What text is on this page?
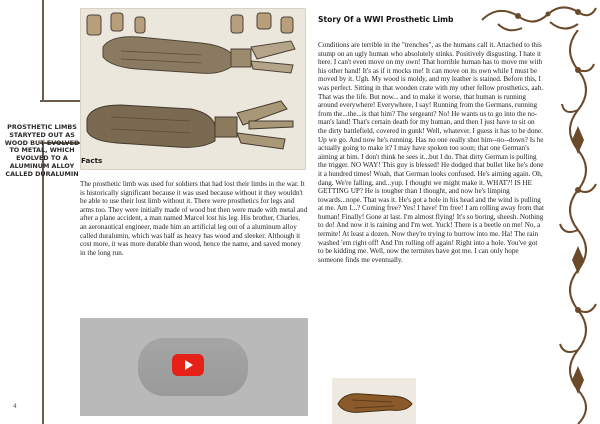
PROSTHETIC LIMBS STARYTED OUT AS WOOD BUT EVOLVED TO METAL, WHICH EVOLVED TO A ALUMINUM ALLOY CALLED DURALUMIN
Facts
The prosthetic limb was used for soldiers that had lost their limbs in the war. It is historically significant because it was used because without it they wouldn't be able to use their lost limb without it. There were prosthetics for legs and arms too. They were initially made of wood but then were made with metal and after a plane accident, a man named Marcel lost his leg. His brother, Charles, an aeronautical engineer, made him an artificial leg out of a aluminum alloy called duralumin, which was half as heavy has wood and sleeker. Although it cost more, it was more durable than wood, hence the name, and saved money in the long run.
4
Story Of a WWI Prosthetic Limb
Conditions are terrible in the "trenches", as the humans call it. Attached to this stump on an ugly human who absolutely stinks. Positively disgusting. I hate it here. I can't even move on my own! That horrible human has to move me with his other hand! It's as if it mocks me! It can move on its own while I must be moved by it. Ugh. My wood is moldy, and my leather is stained. Before this, I was perfect. Sitting in that wooden crate with my other fellow prosthetics, aah. That was the life. But now... and to make it worse, that human is running around everywhere! Everywhere, I say! Running from the Germans, running from the...the...is that him? The sergeant? No! He wants us to go into the no-man's land! That's certain death for my human, and then I just have to sit on the dirty battlefield, covered in gunk! Well, whatever. I guess it has to be done. Up we go. And now he's running. Has no one really shot him--no--down? Is he actually going to make it? I may have spoken too soon; that one German's aiming at him. I don't think he sees it...but I do. That dirty German is pulling the trigger. NO WAY! This guy is blessed! He dodged that bullet like he's done it a hundred times! Woah, that German looks confused. He's aiming again. Oh, dang. We're falling, and...yup. I thought we might make it. WHAT?! IS HE GETTING UP? He is tougher than I thought, and now he's limping towards...nope. That was it. He's got a hole in his head and the wind is pulling at me. Am I...? Coming free? Yes! I have! I'm free! I am rolling away from that human! Finally! Gone at last. I'm almost flying! It's so boring, sheesh. Nothing to do! And now it is raining and I'm wet. Yuck! There is a beetle on me! No, a termite! At least a dozen. Now they're trying to burrow into me. Ha! The rain washed 'em right off! And I'm rolling off again! Right into a hole. You've got to be kidding me. Well, now the termites have got me. I can only hope someone finds me eventually.
